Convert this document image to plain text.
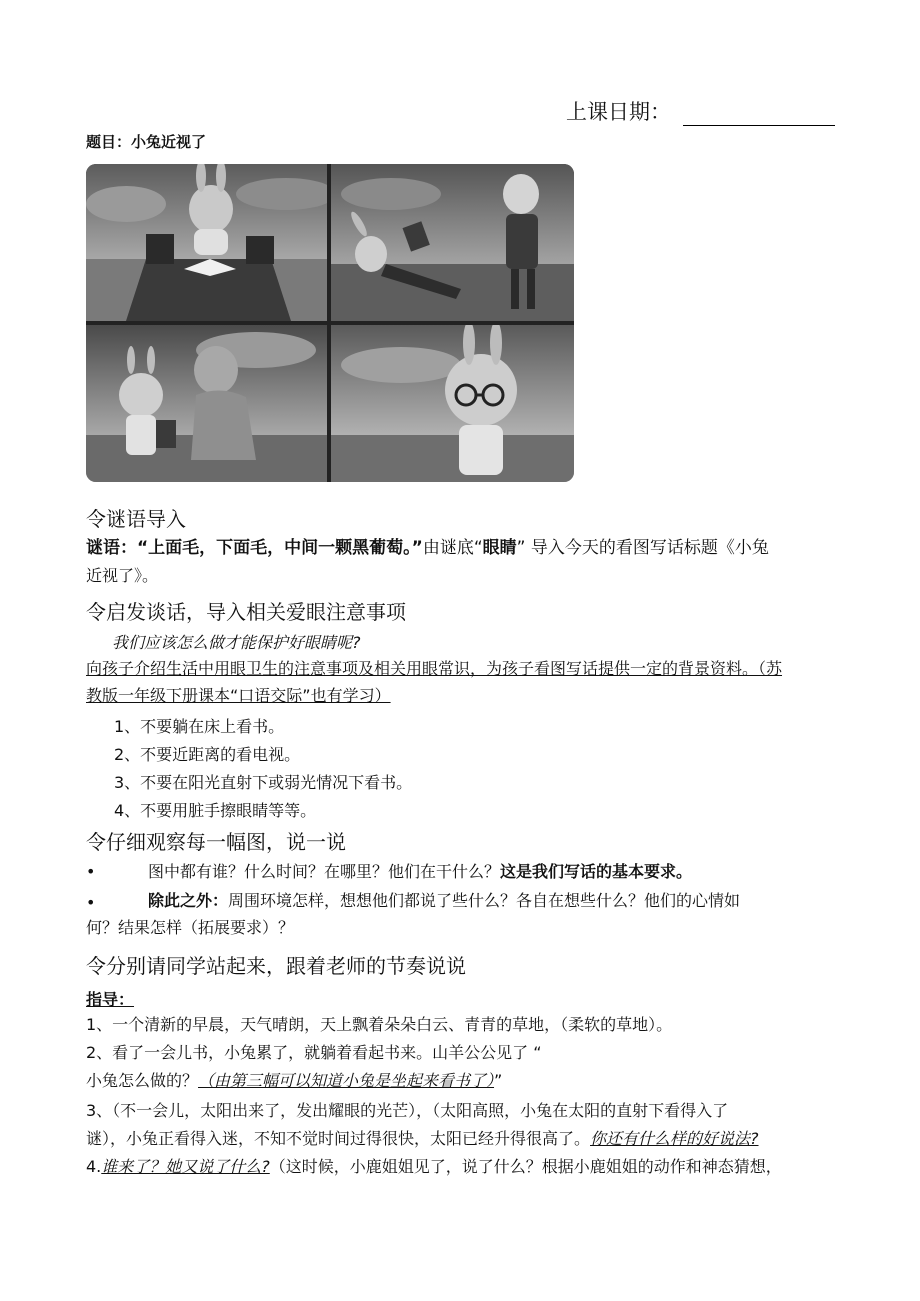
上课日期：
题目：小兔近视了
令谜语导入
谜语：“上面毛，下面毛，中间一颗黑葡萄。”由谜底“眼睛” 导入今天的看图写话标题《小兔
近视了》。
令启发谈话，导入相关爱眼注意事项
我们应该怎么做才能保护好眼睛呢?
向孩子介绍生活中用眼卫生的注意事项及相关用眼常识，为孩子看图写话提供一定的背景资料。（苏
教版一年级下册课本“口语交际”也有学习）
1、不要躺在床上看书。
2、不要近距离的看电视。
3、不要在阳光直射下或弱光情况下看书。
4、不要用脏手擦眼睛等等。
令仔细观察每一幅图，说一说
•	图中都有谁？什么时间？在哪里？他们在干什么？这是我们写话的基本要求。
•	除此之外：周围环境怎样，想想他们都说了些什么？各自在想些什么？他们的心情如
何？结果怎样（拓展要求）？
令分别请同学站起来，跟着老师的节奏说说
指导：
1、一个清新的早晨，天气晴朗，天上飘着朵朵白云、青青的草地，（柔软的草地）。
2、看了一会儿书，小兔累了，就躺着看起书来。山羊公公见了 “
小兔怎么做的？（由第三幅可以知道小兔是坐起来看书了）”
3、（不一会儿，太阳出来了，发出耀眼的光芒），（太阳高照，小兔在太阳的直射下看得入了
谜），小兔正看得入迷，不知不觉时间过得很快，太阳已经升得很高了。你还有什么样的好说法?
4.谁来了？她又说了什么?（这时候，小鹿姐姐见了，说了什么？根据小鹿姐姐的动作和神态猜想，
